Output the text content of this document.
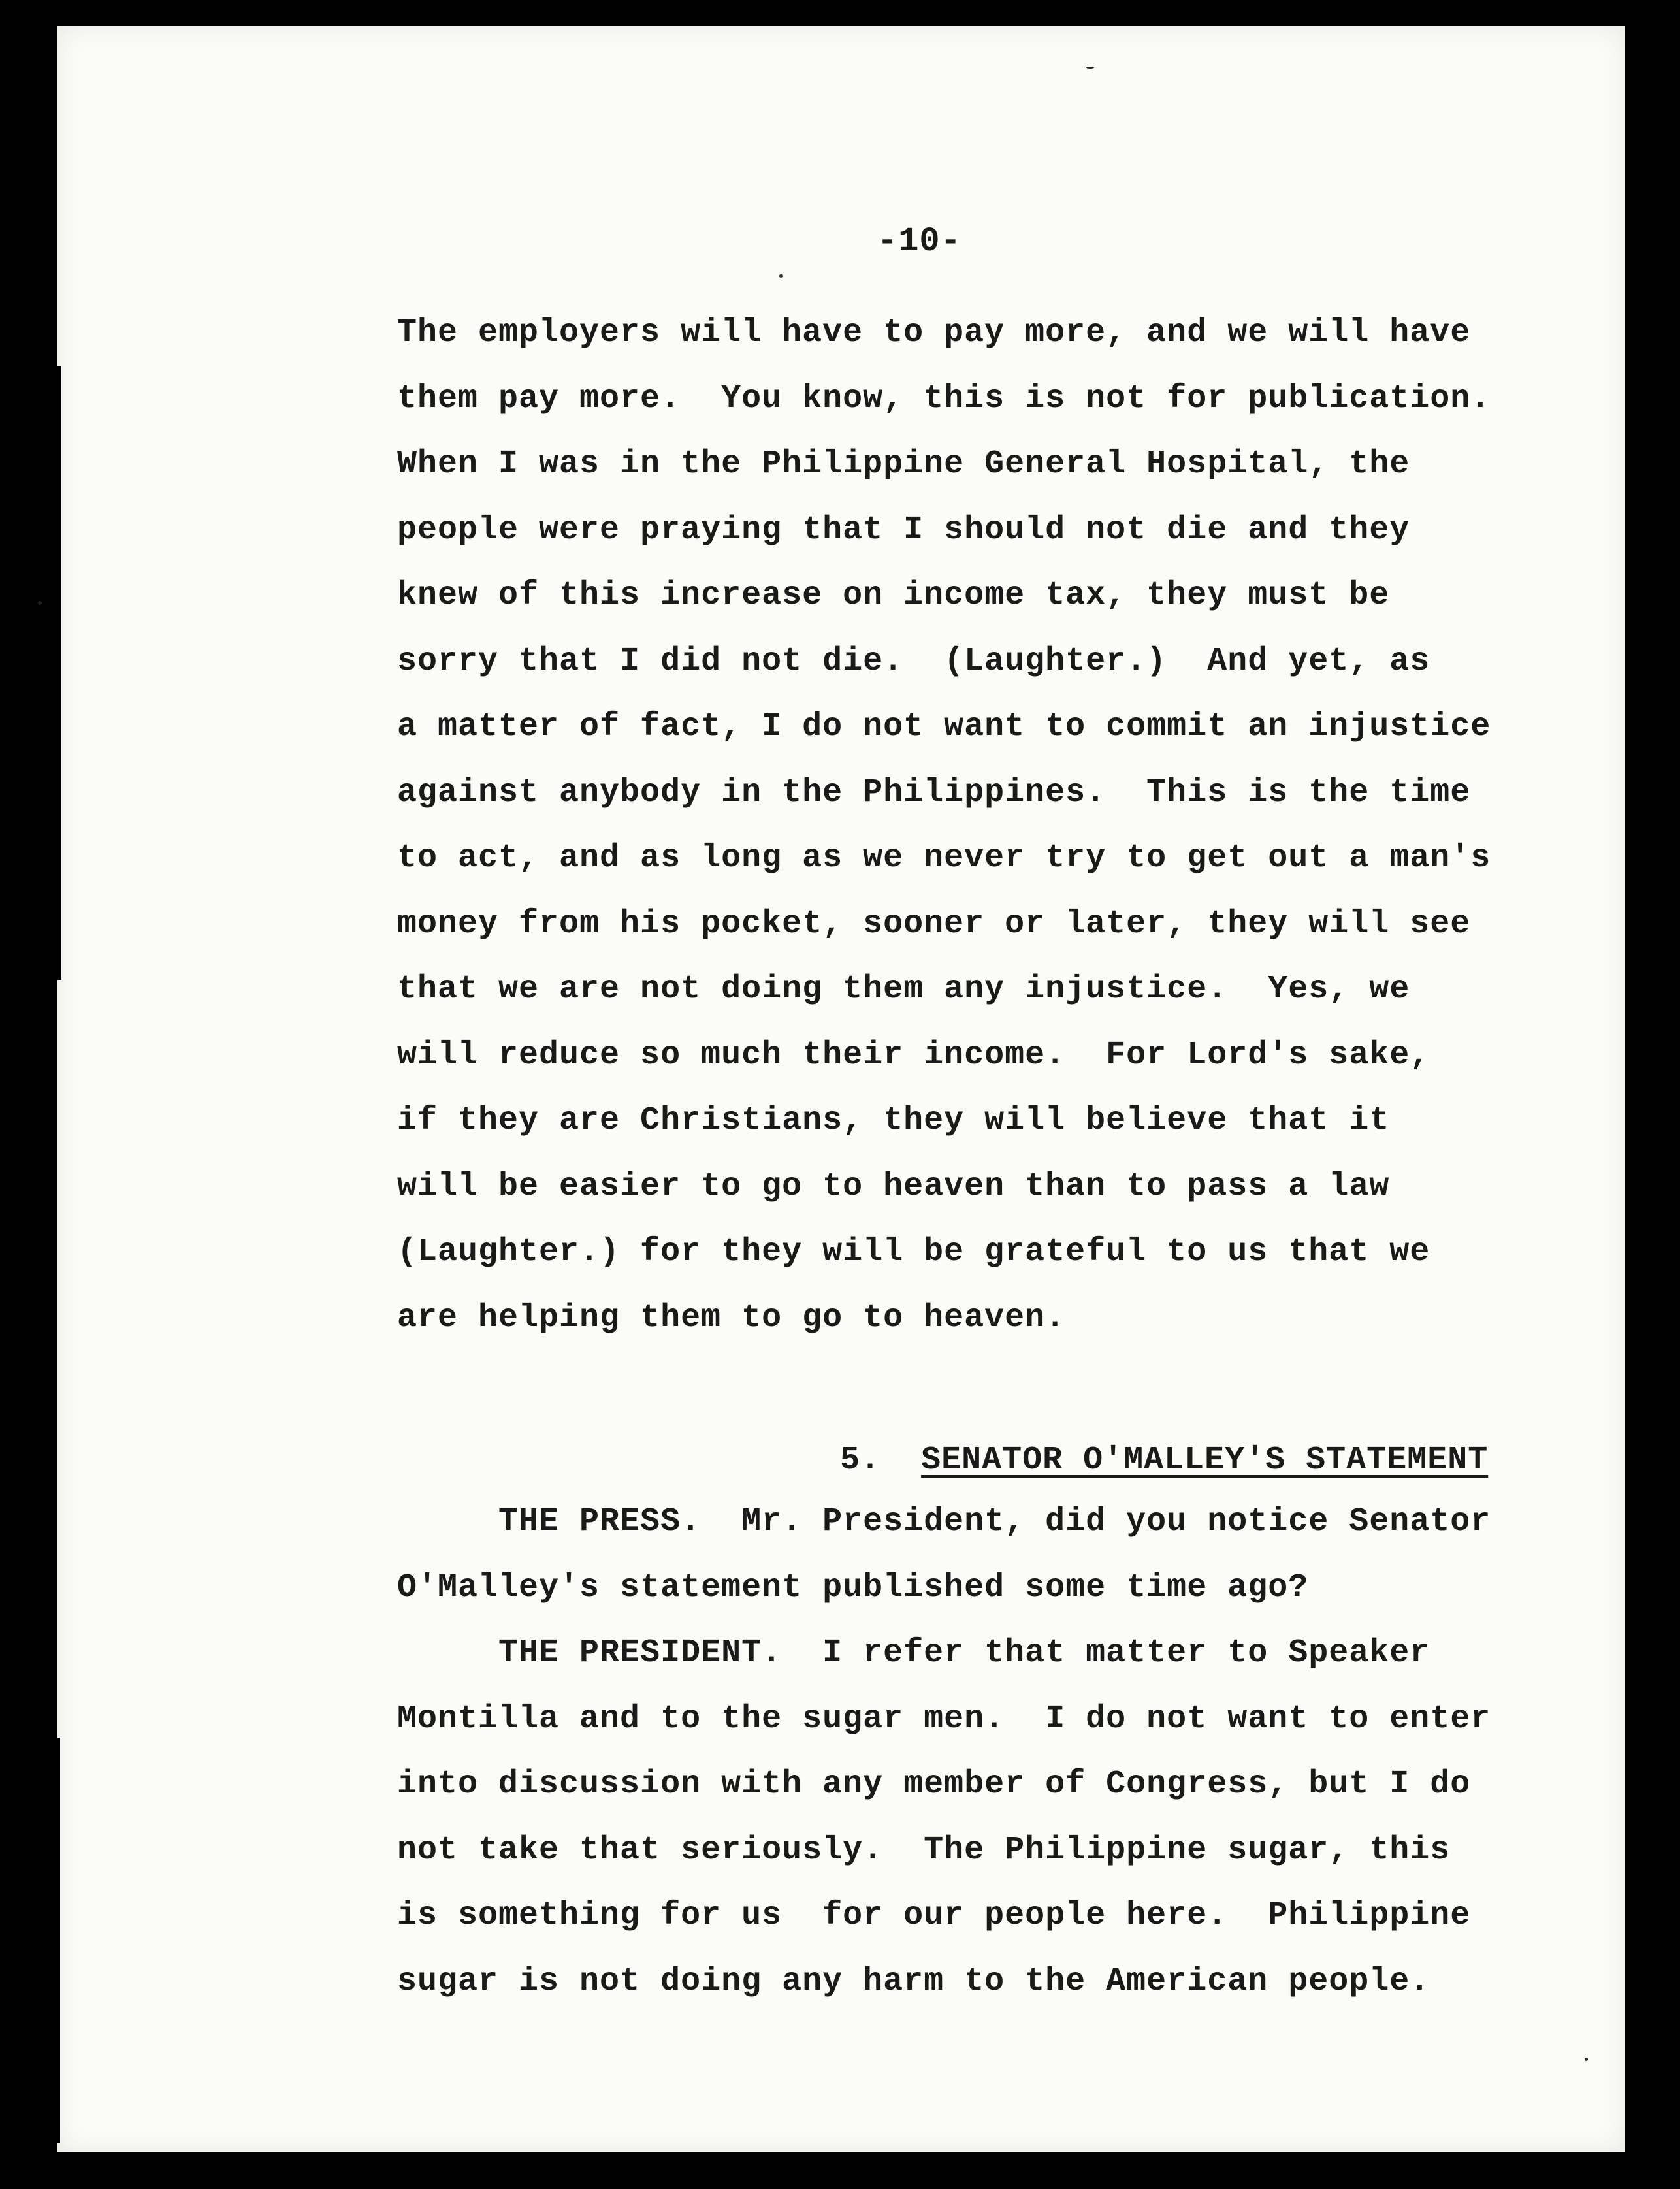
-10-
The employers will have to pay more, and we will have
them pay more.  You know, this is not for publication.
When I was in the Philippine General Hospital, the
people were praying that I should not die and they
knew of this increase on income tax, they must be
sorry that I did not die.  (Laughter.)  And yet, as
a matter of fact, I do not want to commit an injustice
against anybody in the Philippines.  This is the time
to act, and as long as we never try to get out a man's
money from his pocket, sooner or later, they will see
that we are not doing them any injustice.  Yes, we
will reduce so much their income.  For Lord's sake,
if they are Christians, they will believe that it
will be easier to go to heaven than to pass a law
(Laughter.) for they will be grateful to us that we
are helping them to go to heaven.

5. SENATOR O'MALLEY'S STATEMENT

THE PRESS.  Mr. President, did you notice Senator
O'Malley's statement published some time ago?
THE PRESIDENT.  I refer that matter to Speaker
Montilla and to the sugar men.  I do not want to enter
into discussion with any member of Congress, but I do
not take that seriously.  The Philippine sugar, this
is something for us  for our people here.  Philippine
sugar is not doing any harm to the American people.
